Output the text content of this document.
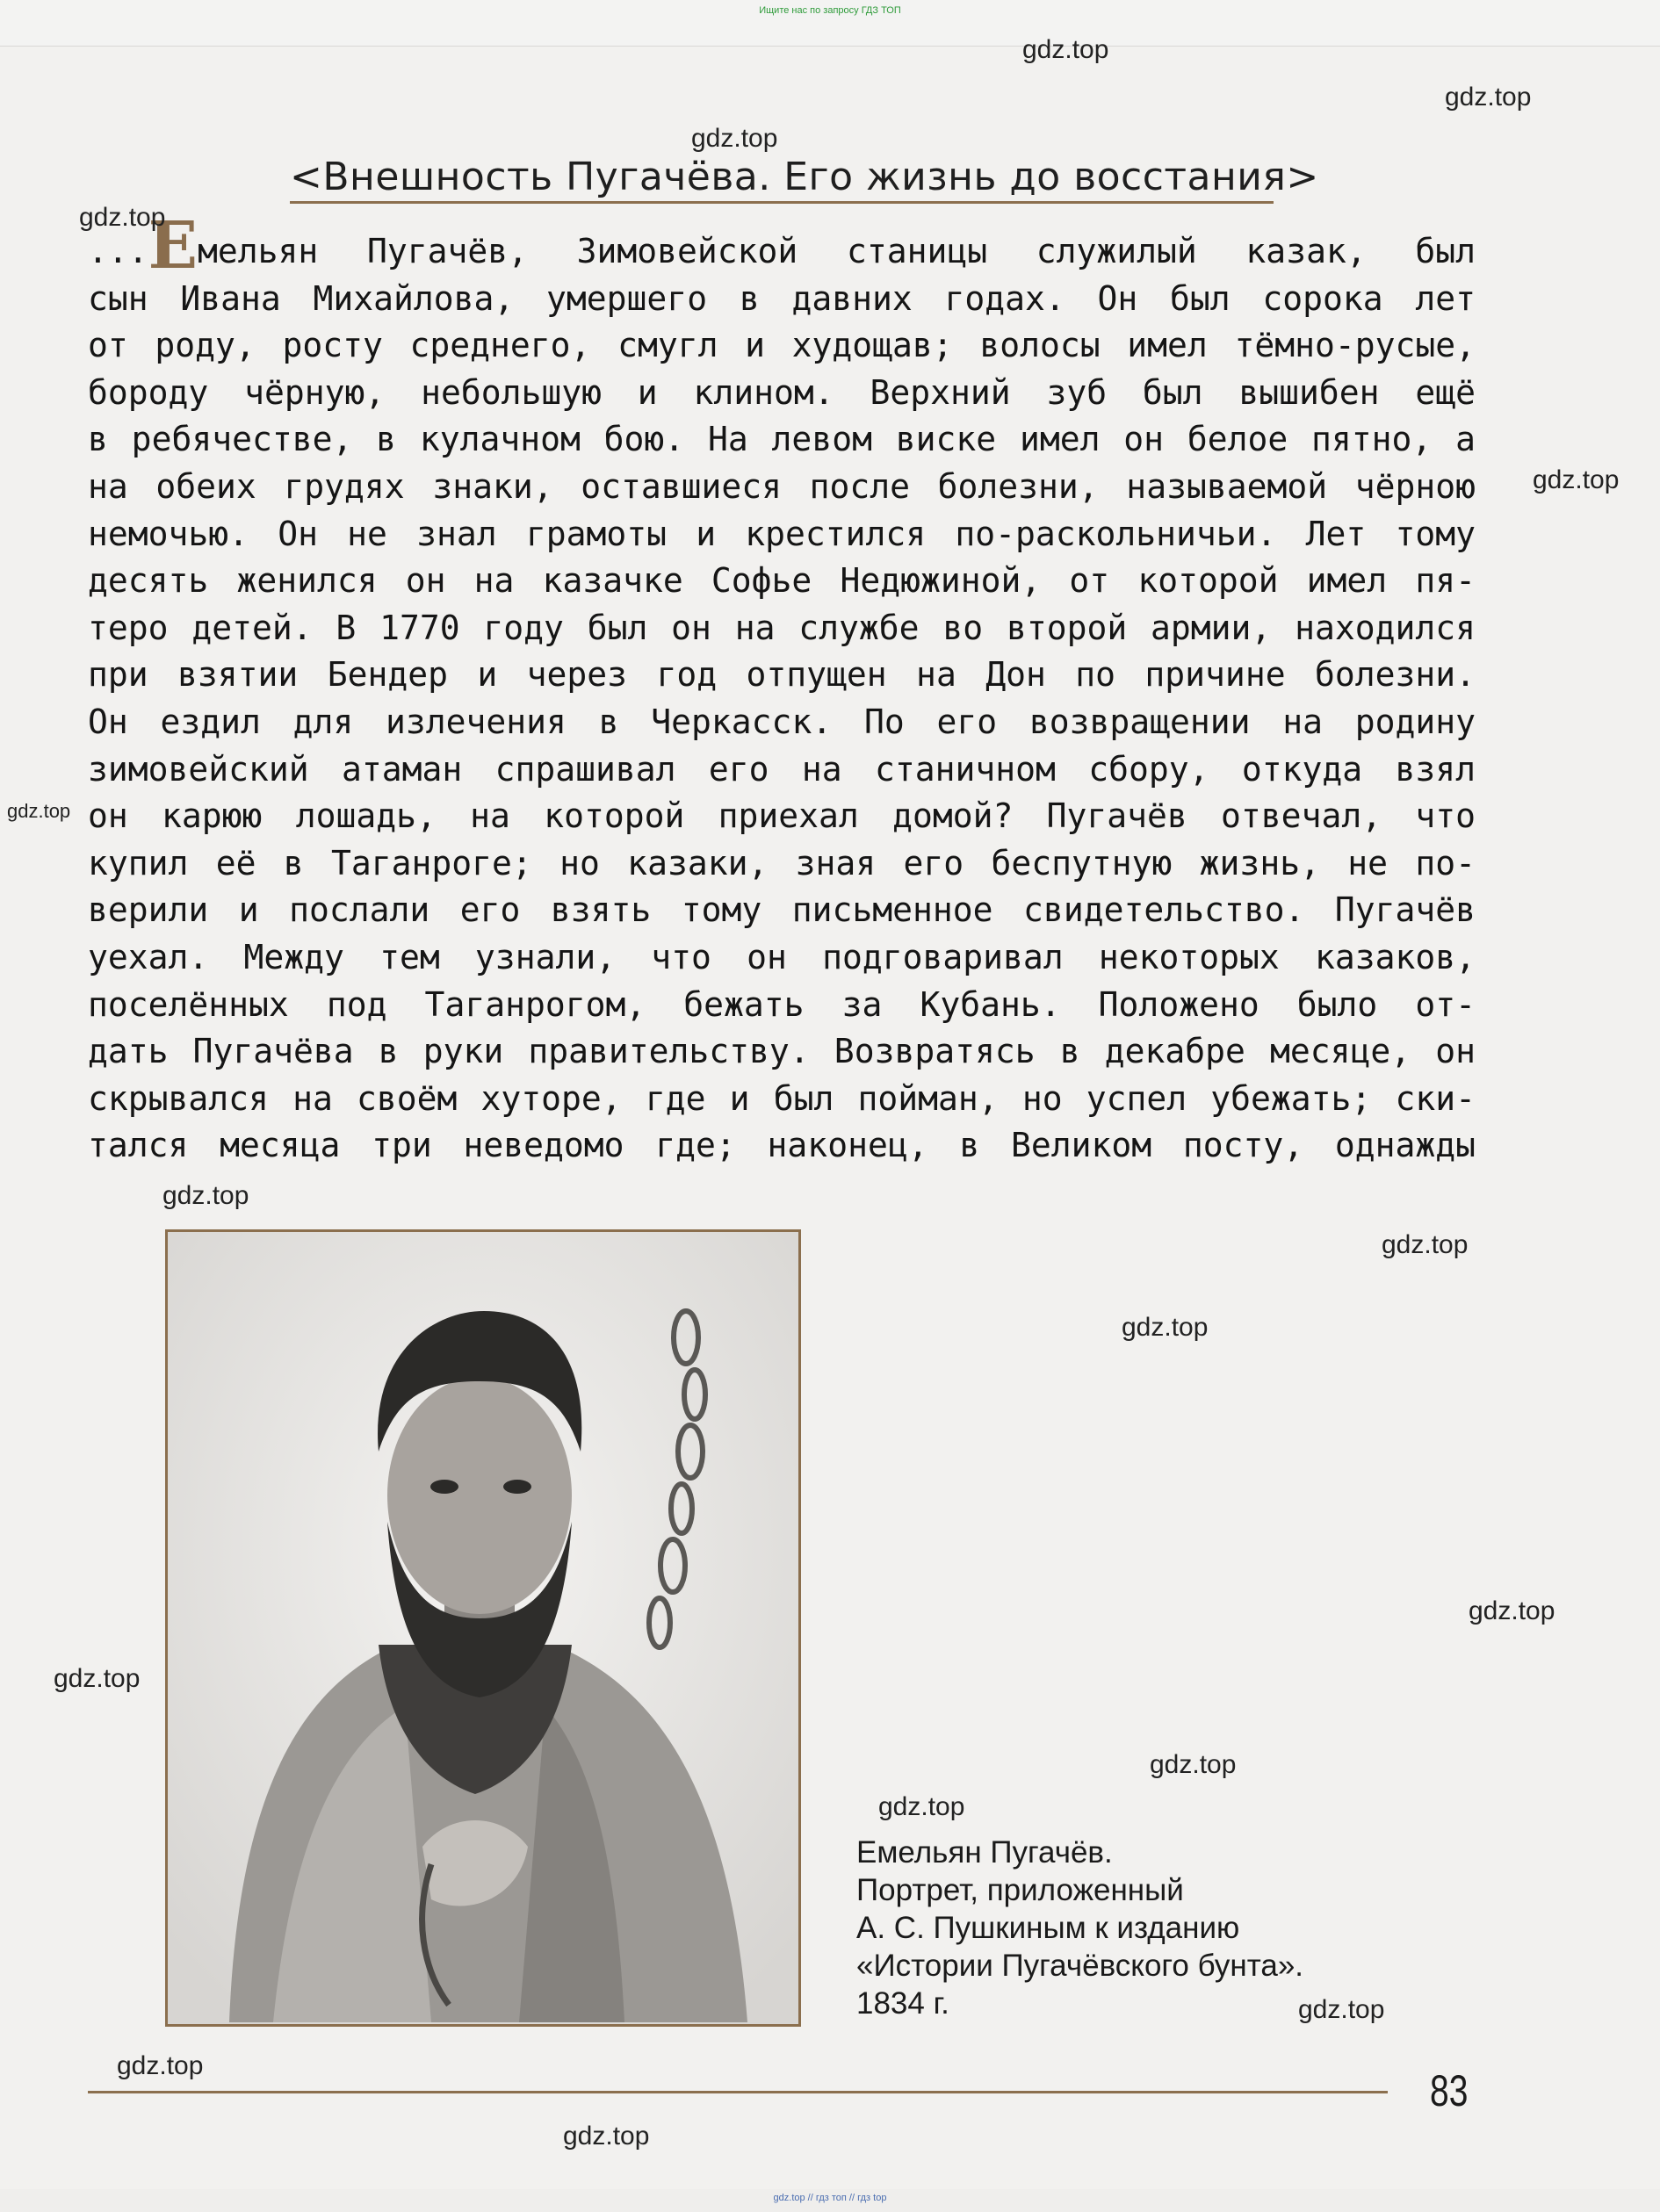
Ищите нас по запросу ГДЗ ТОП
<Внешность Пугачёва. Его жизнь до восстания>
...Емельян Пугачёв, Зимовейской станицы служилый казак, был
сын Ивана Михайлова, умершего в давних годах. Он был сорока лет
от роду, росту среднего, смугл и худощав; волосы имел тёмно-русые,
бороду чёрную, небольшую и клином. Верхний зуб был вышибен ещё
в ребячестве, в кулачном бою. На левом виске имел он белое пятно, а
на обеих грудях знаки, оставшиеся после болезни, называемой чёрною
немочью. Он не знал грамоты и крестился по-раскольничьи. Лет тому
десять женился он на казачке Софье Недюжиной, от которой имел пя-
теро детей. В 1770 году был он на службе во второй армии, находился
при взятии Бендер и через год отпущен на Дон по причине болезни.
Он ездил для излечения в Черкасск. По его возвращении на родину
зимовейский атаман спрашивал его на станичном сбору, откуда взял
он карюю лошадь, на которой приехал домой? Пугачёв отвечал, что
купил её в Таганроге; но казаки, зная его беспутную жизнь, не по-
верили и послали его взять тому письменное свидетельство. Пугачёв
уехал. Между тем узнали, что он подговаривал некоторых казаков,
поселённых под Таганрогом, бежать за Кубань. Положено было от-
дать Пугачёва в руки правительству. Возвратясь в декабре месяце, он
скрывался на своём хуторе, где и был пойман, но успел убежать; ски-
тался месяца три неведомо где; наконец, в Великом посту, однажды
Емельян Пугачёв.
Портрет, приложенный
А. С. Пушкиным к изданию
«Истории Пугачёвского бунта».
1834 г.
83
gdz.top
gdz.top
gdz.top
gdz.top
gdz.top
gdz.top
gdz.top
gdz.top
gdz.top
gdz.top
gdz.top
gdz.top
gdz.top
gdz.top
gdz.top
gdz.top
gdz.top // гдз топ // гдз top
